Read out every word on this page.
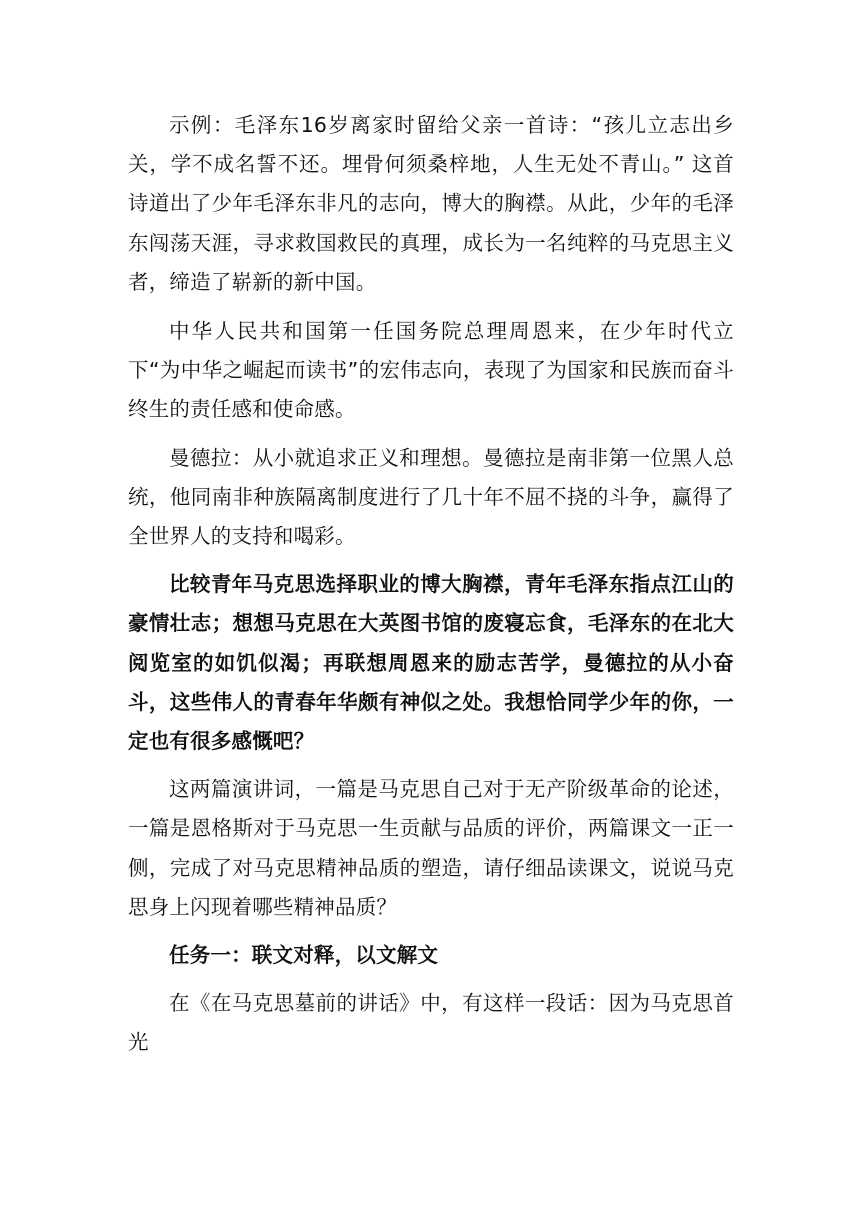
示例：毛泽东16岁离家时留给父亲一首诗：“孩儿立志出乡关，学不成名誓不还。埋骨何须桑梓地，人生无处不青山。” 这首诗道出了少年毛泽东非凡的志向，博大的胸襟。从此，少年的毛泽东闯荡天涯，寻求救国救民的真理，成长为一名纯粹的马克思主义者，缔造了崭新的新中国。

中华人民共和国第一任国务院总理周恩来，在少年时代立下“为中华之崛起而读书”的宏伟志向，表现了为国家和民族而奋斗终生的责任感和使命感。

曼德拉：从小就追求正义和理想。曼德拉是南非第一位黑人总统，他同南非种族隔离制度进行了几十年不屈不挠的斗争，赢得了全世界人的支持和喝彩。

比较青年马克思选择职业的博大胸襟，青年毛泽东指点江山的豪情壮志；想想马克思在大英图书馆的废寝忘食，毛泽东的在北大阅览室的如饥似渴；再联想周恩来的励志苦学，曼德拉的从小奋斗，这些伟人的青春年华颇有神似之处。我想恰同学少年的你，一定也有很多感慨吧？

这两篇演讲词，一篇是马克思自己对于无产阶级革命的论述，一篇是恩格斯对于马克思一生贡献与品质的评价，两篇课文一正一侧，完成了对马克思精神品质的塑造，请仔细品读课文，说说马克思身上闪现着哪些精神品质？

任务一：联文对释，以文解文

在《在马克思墓前的讲话》中，有这样一段话：因为马克思首光
